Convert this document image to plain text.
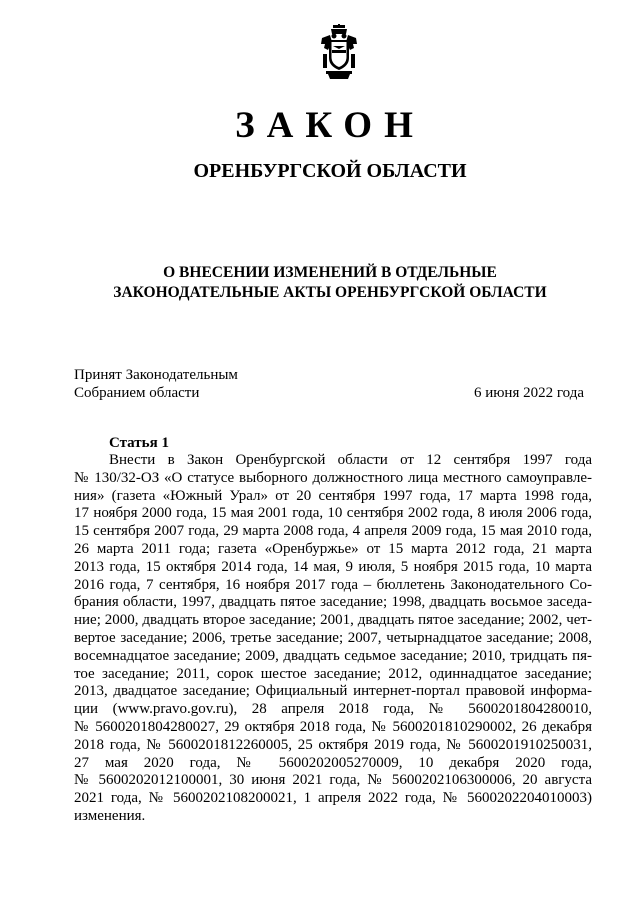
ЗАКОН
ОРЕНБУРГСКОЙ ОБЛАСТИ
О ВНЕСЕНИИ ИЗМЕНЕНИЙ В ОТДЕЛЬНЫЕ
ЗАКОНОДАТЕЛЬНЫЕ АКТЫ ОРЕНБУРГСКОЙ ОБЛАСТИ
Принят Законодательным
Собранием области	6 июня 2022 года
Статья 1
Внести в Закон Оренбургской области от 12 сентября 1997 года
№ 130/32-ОЗ «О статусе выборного должностного лица местного самоуправле-
ния» (газета «Южный Урал» от 20 сентября 1997 года, 17 марта 1998 года,
17 ноября 2000 года, 15 мая 2001 года, 10 сентября 2002 года, 8 июля 2006 года,
15 сентября 2007 года, 29 марта 2008 года, 4 апреля 2009 года, 15 мая 2010 года,
26 марта 2011 года; газета «Оренбуржье» от 15 марта 2012 года, 21 марта
2013 года, 15 октября 2014 года, 14 мая, 9 июля, 5 ноября 2015 года, 10 марта
2016 года, 7 сентября, 16 ноября 2017 года – бюллетень Законодательного Со-
брания области, 1997, двадцать пятое заседание; 1998, двадцать восьмое заседа-
ние; 2000, двадцать второе заседание; 2001, двадцать пятое заседание; 2002, чет-
вертое заседание; 2006, третье заседание; 2007, четырнадцатое заседание; 2008,
восемнадцатое заседание; 2009, двадцать седьмое заседание; 2010, тридцать пя-
тое заседание; 2011, сорок шестое заседание; 2012, одиннадцатое заседание;
2013, двадцатое заседание; Официальный интернет-портал правовой информа-
ции (www.pravo.gov.ru), 28 апреля 2018 года, № 5600201804280010,
№ 5600201804280027, 29 октября 2018 года, № 5600201810290002, 26 декабря
2018 года, № 5600201812260005, 25 октября 2019 года, № 5600201910250031,
27 мая 2020 года, № 5600202005270009, 10 декабря 2020 года,
№ 5600202012100001, 30 июня 2021 года, № 5600202106300006, 20 августа
2021 года, № 5600202108200021, 1 апреля 2022 года, № 5600202204010003)
изменения.
